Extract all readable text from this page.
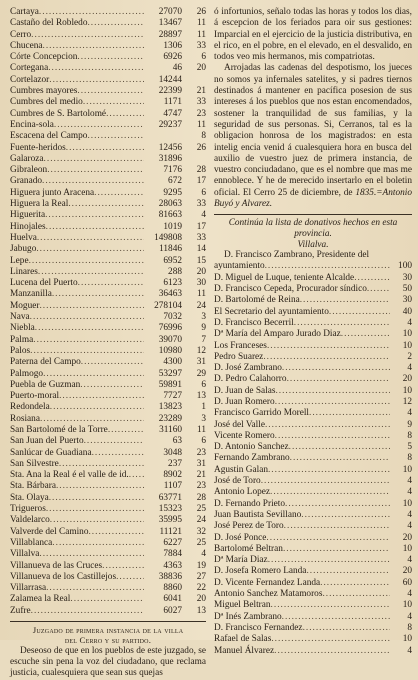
Cartaya .....	27070	26
Castaño del Robledo .....	13467	11
Cerro .....	28897	11
Chucena .....	1306	33
Córte Concepcion .....	6926	6
Cortegana .....	46	20
Cortelazor .....	14244
Cumbres mayores .....	22399	21
Cumbres del medio .....	1171	33
Cumbres de S. Bartolomé .....	4747	23
Encina-sola .....	29237	11
Escacena del Campo .....	8
Fuente-heridos .....	12456	26
Galaroza .....	31896
Gibraleon .....	7176	28
Granado .....	672	17
Higuera junto Aracena .....	9295	6
Higuera la Real .....	28063	33
Higuerita .....	81663	4
Hinojales .....	1019	17
Huelva .....	149808	33
Jabugo .....	11846	14
Lepe .....	6952	15
Linares .....	288	20
Lucena del Puerto .....	6123	30
Manzanilla .....	36463	11
Moguer .....	278104	24
Nava .....	7032	3
Niebla .....	76996	9
Palma .....	39070	7
Palos .....	10980	12
Paterna del Campo .....	4300	31
Palmogo .....	53297	29
Puebla de Guzman .....	59891	6
Puerto-moral .....	7727	13
Redondela .....	13823	1
Rosiana .....	23289	3
San Bartolomé de la Torre .....	31160	11
San Juan del Puerto .....	63	6
Sanlúcar de Guadiana .....	3048	23
San Silvestre .....	237	31
Sta. Ana la Real é el valle de id. .....	8902	21
Sta. Bárbara .....	1107	23
Sta. Olaya .....	63771	28
Trigueros .....	15323	25
Valdelarco .....	35995	24
Valverde del Camino .....	11121	32
Villablanca .....	6227	25
Villalva .....	7884	4
Villanueva de las Cruces .....	4363	19
Villanueva de los Castillejos .....	38836	27
Villarrasa .....	8860	22
Zalamea la Real .....	6041	20
Zufre .....	6027	13
Juzgado de primera instancia de la villa
del Cerro y su partido.
Deseoso de que en los pueblos de este juzgado, se escuche sin pena la voz del ciudadano, que reclama justicia, cualesquiera que sean sus quejas
ó infortunios, señalo todas las horas y todos los dias, á escepcion de los feriados para oir sus gestiones: Imparcial en el ejercicio de la justicia distributiva, en el rico, en el pobre, en el elevado, en el desvalido, en todos veo mis hermanos, mis compatriotas.
Arrojadas las cadenas del despotismo, los jueces no somos ya infernales satelites, y si padres tiernos destinados á mantener en pacífica posesion de sus intereses á los pueblos que nos estan encomendados, sostener la tranquilidad de sus familias, y la seguridad de sus personas. Si, Cerranos, tal es la obligacion honrosa de los magistrados: en esta intelig encia venid á cualesquiera hora en busca del auxilio de vuestro juez de primera instancia, de vuestro conciudadano, que es el nombre que mas me ennoblece. Y he de merecido insertarlo en el boletin oficial. El Cerro 25 de diciembre, de 1835.=Antonio Buyó y Alvarez.
Continúa la lista de donativos hechos en esta
provincia.
Villalva.
D. Francisco Zambrano, Presidente del
ayuntamiento .....	100
D. Miguel de Luque, teniente Alcalde .....	30
D. Francisco Cepeda, Procurador síndico .....	50
D. Bartolomé de Reina .....	30
El Secretario del ayuntamiento .....	40
D. Francisco Becerril .....	4
Dª María del Amparo Jurado Diaz .....	10
Los Franceses .....	10
Pedro Suarez .....	2
D. José Zambrano .....	4
D. Pedro Calahorro .....	20
D. Juan de Salas .....	10
D. Juan Romero .....	12
Francisco Garrido Morell .....	4
José del Valle .....	9
Vicente Romero .....	8
D. Antonio Sanchez .....	5
Fernando Zambrano .....	8
Agustin Galan .....	10
José de Toro .....	4
Antonio Lopez .....	4
D. Fernando Prieto .....	10
Juan Bautista Sevillano .....	4
José Perez de Toro .....	4
D. José Ponce .....	20
Bartolomé Beltran .....	10
Dª María Diaz .....	4
D. Josefa Romero Landa .....	20
D. Vicente Fernandez Landa .....	60
Antonio Sanchez Matamoros .....	4
Miguel Beltran .....	10
Dª Inés Zambrano .....	4
D. Francisco Fernandez .....	8
Rafael de Salas .....	10
Manuel Álvarez .....	4
